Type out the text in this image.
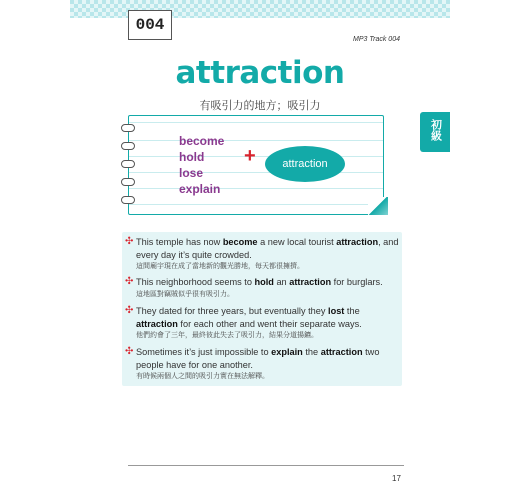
004
MP3 Track 004
attraction
有吸引力的地方；吸引力
初級
become
hold
lose
explain
+	attraction
✣ This temple has now become a new local tourist attraction, and every day it’s quite crowded.
這間廟宇現在成了當地新的觀光勝地，每天都很擁擠。
✣ This neighborhood seems to hold an attraction for burglars.
這地區對竊賊似乎很有吸引力。
✣ They dated for three years, but eventually they lost the attraction for each other and went their separate ways.
他們約會了三年，最終彼此失去了吸引力，結果分道揚鑣。
✣ Sometimes it’s just impossible to explain the attraction two people have for one another.
有時候兩個人之間的吸引力實在無法解釋。
17
